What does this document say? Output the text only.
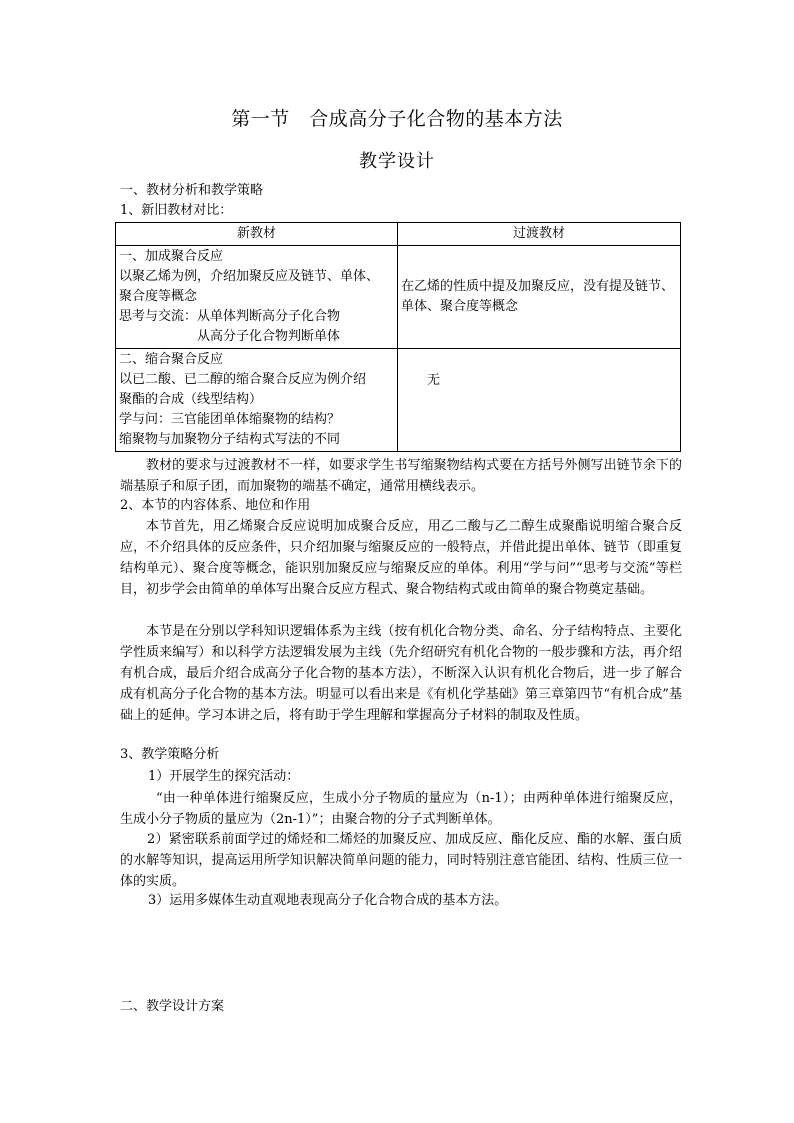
第一节　合成高分子化合物的基本方法
教学设计
一、教材分析和教学策略
1、新旧教材对比：
新教材	过渡教材

一、加成聚合反应
以聚乙烯为例，介绍加聚反应及链节、单体、
聚合度等概念
思考与交流：从单体判断高分子化合物
　　　　　　从高分子化合物判断单体	在乙烯的性质中提及加聚反应，没有提及链节、单体、聚合度等概念

二、缩合聚合反应
以已二酸、已二醇的缩合聚合反应为例介绍
聚酯的合成（线型结构）
学与问：三官能团单体缩聚物的结构？
缩聚物与加聚物分子结构式写法的不同	　　无

教材的要求与过渡教材不一样，如要求学生书写缩聚物结构式要在方括号外侧写出链节余下的端基原子和原子团，而加聚物的端基不确定，通常用横线表示。

2、本节的内容体系、地位和作用

本节首先，用乙烯聚合反应说明加成聚合反应，用乙二酸与乙二醇生成聚酯说明缩合聚合反应，不介绍具体的反应条件，只介绍加聚与缩聚反应的一般特点，并借此提出单体、链节（即重复结构单元）、聚合度等概念，能识别加聚反应与缩聚反应的单体。利用“学与问”“思考与交流”等栏目，初步学会由简单的单体写出聚合反应方程式、聚合物结构式或由简单的聚合物奠定基础。

本节是在分别以学科知识逻辑体系为主线（按有机化合物分类、命名、分子结构特点、主要化学性质来编写）和以科学方法逻辑发展为主线（先介绍研究有机化合物的一般步骤和方法，再介绍有机合成，最后介绍合成高分子化合物的基本方法），不断深入认识有机化合物后，进一步了解合成有机高分子化合物的基本方法。明显可以看出来是《有机化学基础》第三章第四节“有机合成”基础上的延伸。学习本讲之后，将有助于学生理解和掌握高分子材料的制取及性质。

3、教学策略分析
1）开展学生的探究活动：

“由一种单体进行缩聚反应，生成小分子物质的量应为（n-1）；由两种单体进行缩聚反应，生成小分子物质的量应为（2n-1）”；由聚合物的分子式判断单体。

2）紧密联系前面学过的烯烃和二烯烃的加聚反应、加成反应、酯化反应、酯的水解、蛋白质的水解等知识，提高运用所学知识解决简单问题的能力，同时特别注意官能团、结构、性质三位一体的实质。

3）运用多媒体生动直观地表现高分子化合物合成的基本方法。
二、教学设计方案
